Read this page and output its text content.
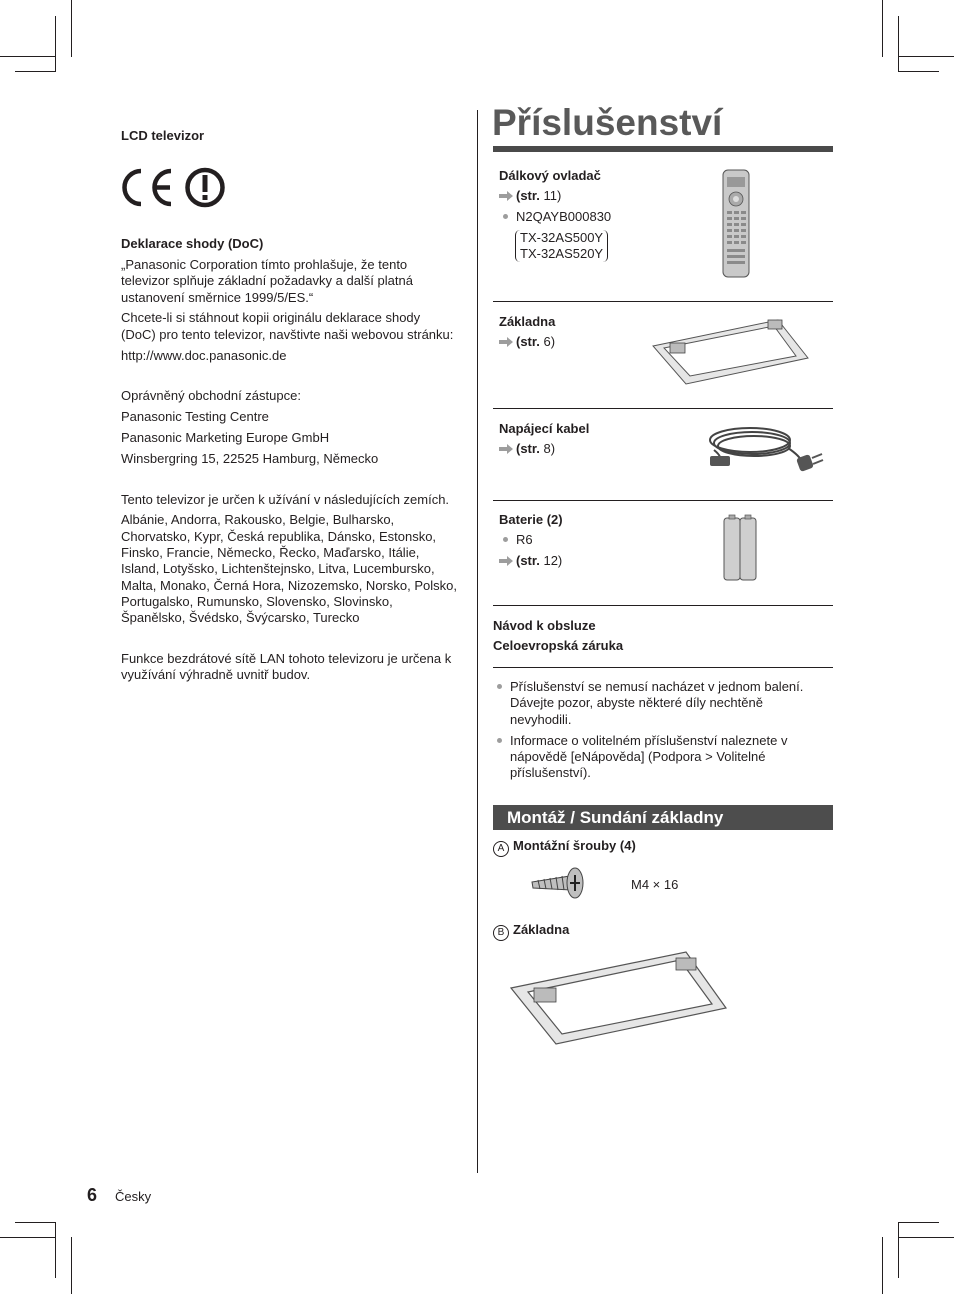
LCD televizor

Deklarace shody (DoC)

„Panasonic Corporation tímto prohlašuje, že tento televizor splňuje základní požadavky a další platná ustanovení směrnice 1999/5/ES.“

Chcete-li si stáhnout kopii originálu deklarace shody (DoC) pro tento televizor, navštivte naši webovou stránku:

http://www.doc.panasonic.de

Oprávněný obchodní zástupce:

Panasonic Testing Centre

Panasonic Marketing Europe GmbH

Winsbergring 15, 22525 Hamburg, Německo

Tento televizor je určen k užívání v následujících zemích.

Albánie, Andorra, Rakousko, Belgie, Bulharsko, Chorvatsko, Kypr, Česká republika, Dánsko, Estonsko, Finsko, Francie, Německo, Řecko, Maďarsko, Itálie, Island, Lotyšsko, Lichtenštejnsko, Litva, Lucembursko, Malta, Monako, Černá Hora, Nizozemsko, Norsko, Polsko, Portugalsko, Rumunsko, Slovensko, Slovinsko, Španělsko, Švédsko, Švýcarsko, Turecko

Funkce bezdrátové sítě LAN tohoto televizoru je určena k využívání výhradně uvnitř budov.

Příslušenství

Dálkový ovladač

(str. 11)

N2QAYB000830

TX-32AS500Y

TX-32AS520Y

Základna

(str. 6)

Napájecí kabel

(str. 8)

Baterie (2)

R6

(str. 12)

Návod k obsluze

Celoevropská záruka

Příslušenství se nemusí nacházet v jednom balení. Dávejte pozor, abyste některé díly nechtěně nevyhodili.

Informace o volitelném příslušenství naleznete v nápovědě [eNápověda] (Podpora > Volitelné příslušenství).

Montáž / Sundání základny
A Montážní šrouby (4)
M4 × 16
B Základna
6 Česky
